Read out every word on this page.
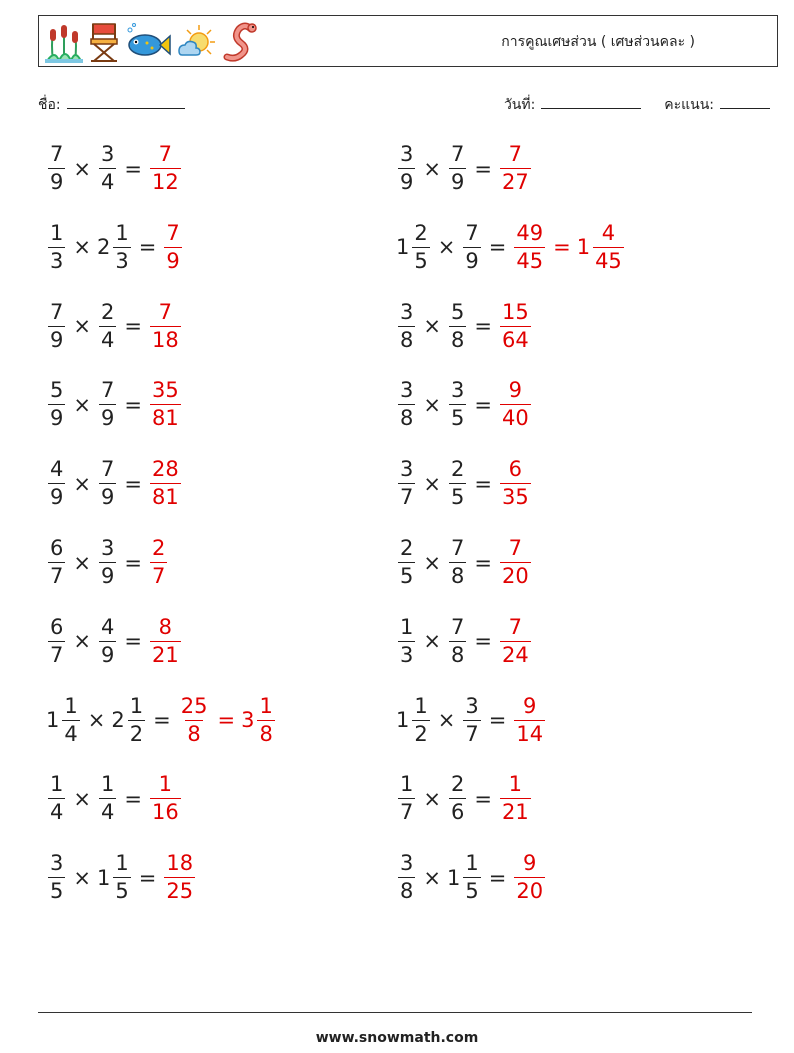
การคูณเศษส่วน ( เศษส่วนคละ )
ชื่อ:	วันที่:	คะแนน:
$\frac{7}{9} \times \frac{3}{4} = \frac{7}{12}$	$\frac{3}{9} \times \frac{7}{9} = \frac{7}{27}$
$\frac{1}{3} \times 2 \frac{1}{3} = \frac{7}{9}$	$1 \frac{2}{5} \times \frac{7}{9} = \frac{49}{45} = 1 \frac{4}{45}$
$\frac{7}{9} \times \frac{2}{4} = \frac{7}{18}$	$\frac{3}{8} \times \frac{5}{8} = \frac{15}{64}$
$\frac{5}{9} \times \frac{7}{9} = \frac{35}{81}$	$\frac{3}{8} \times \frac{3}{5} = \frac{9}{40}$
$\frac{4}{9} \times \frac{7}{9} = \frac{28}{81}$	$\frac{3}{7} \times \frac{2}{5} = \frac{6}{35}$
$\frac{6}{7} \times \frac{3}{9} = \frac{2}{7}$	$\frac{2}{5} \times \frac{7}{8} = \frac{7}{20}$
$\frac{6}{7} \times \frac{4}{9} = \frac{8}{21}$	$\frac{1}{3} \times \frac{7}{8} = \frac{7}{24}$
$1 \frac{1}{4} \times 2 \frac{1}{2} = \frac{25}{8} = 3 \frac{1}{8}$	$1 \frac{1}{2} \times \frac{3}{7} = \frac{9}{14}$
$\frac{1}{4} \times \frac{1}{4} = \frac{1}{16}$	$\frac{1}{7} \times \frac{2}{6} = \frac{1}{21}$
$\frac{3}{5} \times 1 \frac{1}{5} = \frac{18}{25}$	$\frac{3}{8} \times 1 \frac{1}{5} = \frac{9}{20}$
www.snowmath.com
